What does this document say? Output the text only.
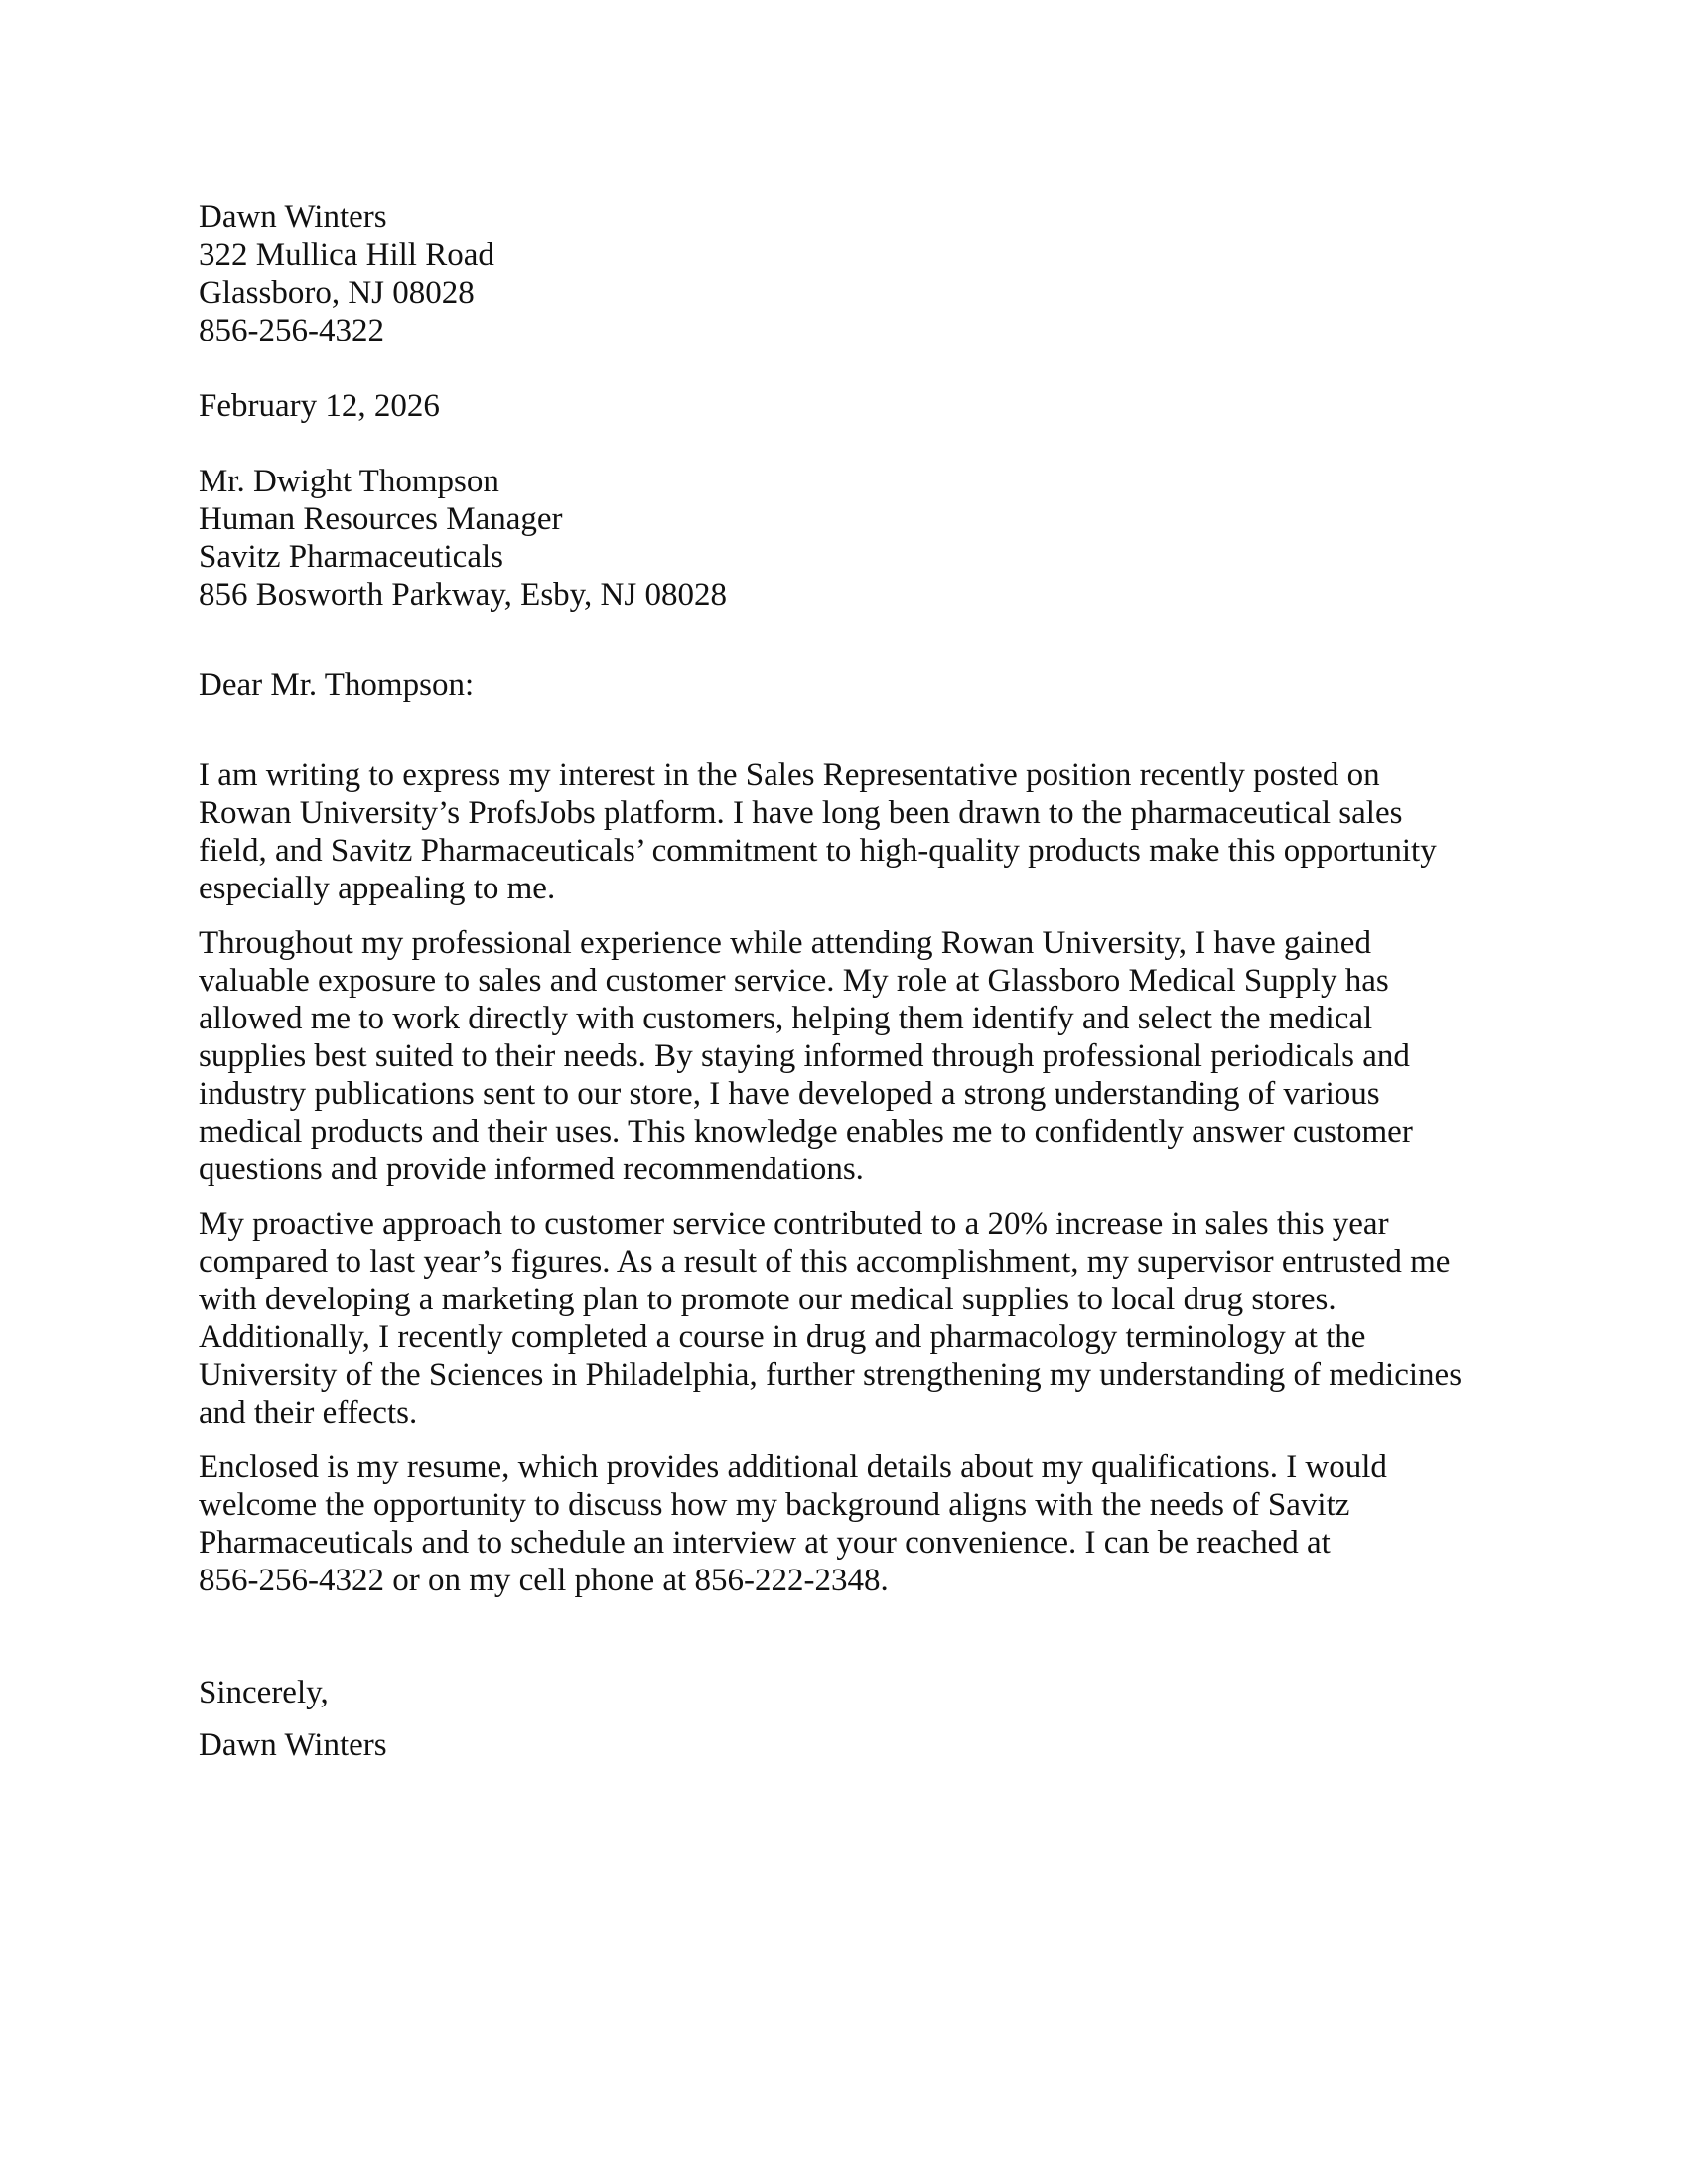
Dawn Winters
322 Mullica Hill Road
Glassboro, NJ 08028
856-256-4322
February 12, 2026
Mr. Dwight Thompson
Human Resources Manager
Savitz Pharmaceuticals
856 Bosworth Parkway, Esby, NJ 08028
Dear Mr. Thompson:
I am writing to express my interest in the Sales Representative position recently posted on
Rowan University’s ProfsJobs platform. I have long been drawn to the pharmaceutical sales
field, and Savitz Pharmaceuticals’ commitment to high-quality products make this opportunity
especially appealing to me.
Throughout my professional experience while attending Rowan University, I have gained
valuable exposure to sales and customer service. My role at Glassboro Medical Supply has
allowed me to work directly with customers, helping them identify and select the medical
supplies best suited to their needs. By staying informed through professional periodicals and
industry publications sent to our store, I have developed a strong understanding of various
medical products and their uses. This knowledge enables me to confidently answer customer
questions and provide informed recommendations.
My proactive approach to customer service contributed to a 20% increase in sales this year
compared to last year’s figures. As a result of this accomplishment, my supervisor entrusted me
with developing a marketing plan to promote our medical supplies to local drug stores.
Additionally, I recently completed a course in drug and pharmacology terminology at the
University of the Sciences in Philadelphia, further strengthening my understanding of medicines
and their effects.
Enclosed is my resume, which provides additional details about my qualifications. I would
welcome the opportunity to discuss how my background aligns with the needs of Savitz
Pharmaceuticals and to schedule an interview at your convenience. I can be reached at
856-256-4322 or on my cell phone at 856-222-2348.
Sincerely,
Dawn Winters
